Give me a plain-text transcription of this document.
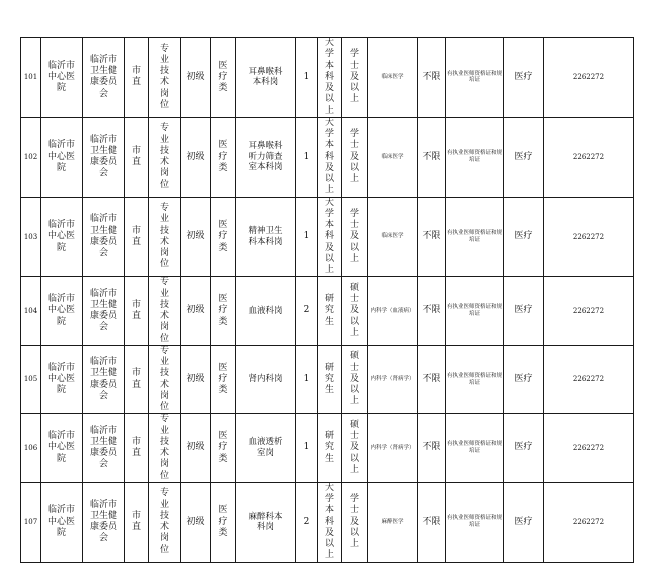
101	临沂市中心医院	临沂市卫生健康委员会	市直	专业技术岗位	初级	医疗类	耳鼻喉科本科岗	1	大学本科及以上	学士及以上	临床医学	不限	有执业医师资格证和规培证	医疗	2262272
102	临沂市中心医院	临沂市卫生健康委员会	市直	专业技术岗位	初级	医疗类	耳鼻喉科听力筛查室本科岗	1	大学本科及以上	学士及以上	临床医学	不限	有执业医师资格证和规培证	医疗	2262272
103	临沂市中心医院	临沂市卫生健康委员会	市直	专业技术岗位	初级	医疗类	精神卫生科本科岗	1	大学本科及以上	学士及以上	临床医学	不限	有执业医师资格证和规培证	医疗	2262272
104	临沂市中心医院	临沂市卫生健康委员会	市直	专业技术岗位	初级	医疗类	血液科岗	2	研究生	硕士及以上	内科学（血液病）	不限	有执业医师资格证和规培证	医疗	2262272
105	临沂市中心医院	临沂市卫生健康委员会	市直	专业技术岗位	初级	医疗类	肾内科岗	1	研究生	硕士及以上	内科学（肾病学）	不限	有执业医师资格证和规培证	医疗	2262272
106	临沂市中心医院	临沂市卫生健康委员会	市直	专业技术岗位	初级	医疗类	血液透析室岗	1	研究生	硕士及以上	内科学（肾病学）	不限	有执业医师资格证和规培证	医疗	2262272
107	临沂市中心医院	临沂市卫生健康委员会	市直	专业技术岗位	初级	医疗类	麻醉科本科岗	2	大学本科及以上	学士及以上	麻醉医学	不限	有执业医师资格证和规培证	医疗	2262272
